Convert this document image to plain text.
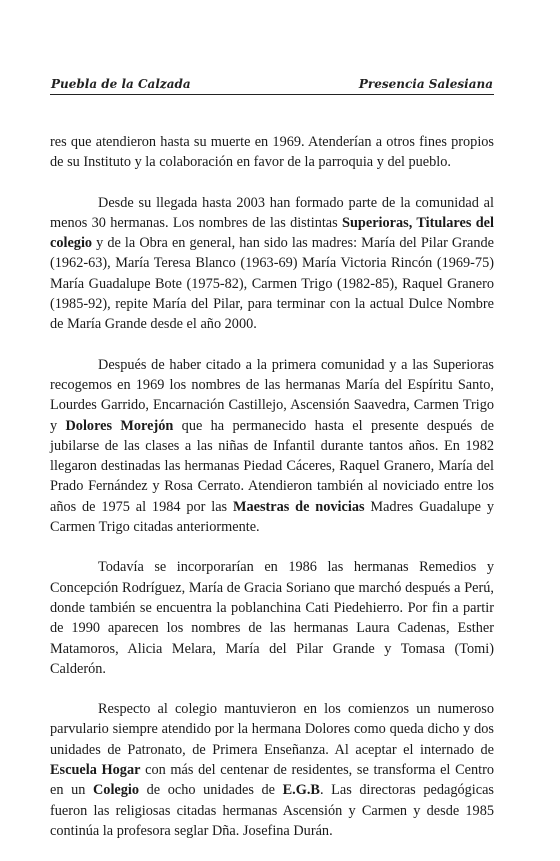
Puebla de la Calzada	Presencia Salesiana

res que atendieron hasta su muerte en 1969. Atenderían a otros fines propios de su Instituto y la colaboración en favor de la parroquia y del pueblo.

Desde su llegada hasta 2003 han formado parte de la comunidad al menos 30 hermanas. Los nombres de las distintas Superioras, Titulares del colegio y de la Obra en general, han sido las madres: María del Pilar Grande (1962-63), María Teresa Blanco (1963-69) María Victoria Rincón (1969-75) María Guadalupe Bote (1975-82), Carmen Trigo (1982-85), Raquel Granero (1985-92), repite María del Pilar, para terminar con la actual Dulce Nombre de María Grande desde el año 2000.

Después de haber citado a la primera comunidad y a las Superioras recogemos en 1969 los nombres de las hermanas María del Espíritu Santo, Lourdes Garrido, Encarnación Castillejo, Ascensión Saavedra, Carmen Trigo y Dolores Morejón que ha permanecido hasta el presente después de jubilarse de las clases a las niñas de Infantil durante tantos años. En 1982 llegaron destinadas las hermanas Piedad Cáceres, Raquel Granero, María del Prado Fernández y Rosa Cerrato. Atendieron también al noviciado entre los años de 1975 al 1984 por las Maestras de novicias Madres Guadalupe y Carmen Trigo citadas anteriormente.

Todavía se incorporarían en 1986 las hermanas Remedios y Concepción Rodríguez, María de Gracia Soriano que marchó después a Perú, donde también se encuentra la poblanchina Cati Piedehierro. Por fin a partir de 1990 aparecen los nombres de las hermanas Laura Cadenas, Esther Matamoros, Alicia Melara, María del Pilar Grande y Tomasa (Tomi) Calderón.

Respecto al colegio mantuvieron en los comienzos un numeroso parvulario siempre atendido por la hermana Dolores como queda dicho y dos unidades de Patronato, de Primera Enseñanza. Al aceptar el internado de Escuela Hogar con más del centenar de residentes, se transforma el Centro en un Colegio de ocho unidades de E.G.B. Las directoras pedagógicas fueron las religiosas citadas hermanas Ascensión y Carmen y desde 1985 continúa la profesora seglar Dña. Josefina Durán.
